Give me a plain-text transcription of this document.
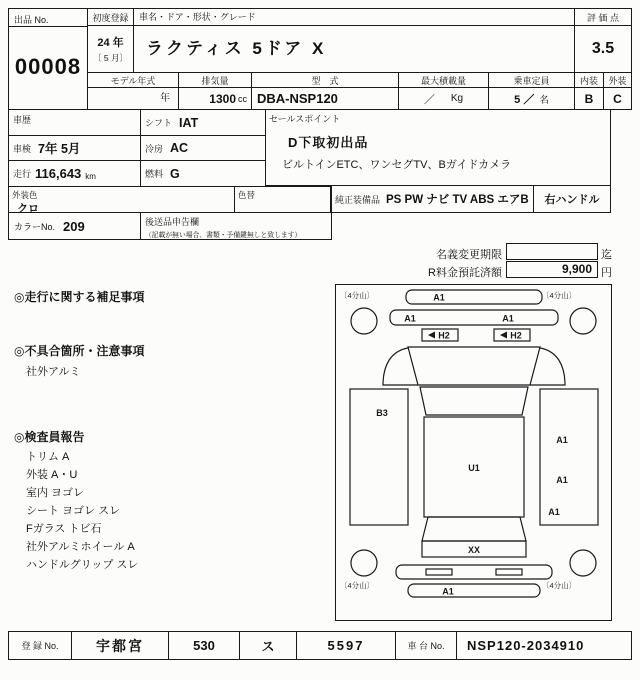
出品 No.
00008
初度登録
24 年
〔 5 月〕
車名・ドア・形状・グレード
ラクティス 5ドア X
評 価 点
3.5
モデル年式	排気量	型　式	最大積載量	乗車定員	内装	外装
年	1300 cc DBA-NSP120	／ Kg	5 ／ 名	B	C
車歴	シフト IAT
車検 7年 5月	冷房 AC
走行 116,643 km	燃料 G
セールスポイント
D下取初出品
ビルトインETC、ワンセグTV、Bガイドカメラ
外装色
クロ
色替	純正装備品 PS PW ナビ TV ABS エアB	右ハンドル
カラーNo. 209	後送品申告欄
（記載が無い場合、書類・予備鍵無しと致します）
名義変更期限	迄
R料金預託済額	9,900 円
◎走行に関する補足事項
◎不具合箇所・注意事項
社外アルミ
◎検査員報告
トリム A
外装 A・U
室内 ヨゴレ
シート ヨゴレ スレ
Fガラス トビ石
社外アルミホイール A
ハンドルグリップ スレ
A1
A1	A1
H2	H2
B3
U1
A1
A1
A1
XX
A1
〔4分山〕	〔4分山〕
〔4分山〕	〔4分山〕
登 録 No.	宇都宮	530	ス	5597	車 台 No.	NSP120-2034910
